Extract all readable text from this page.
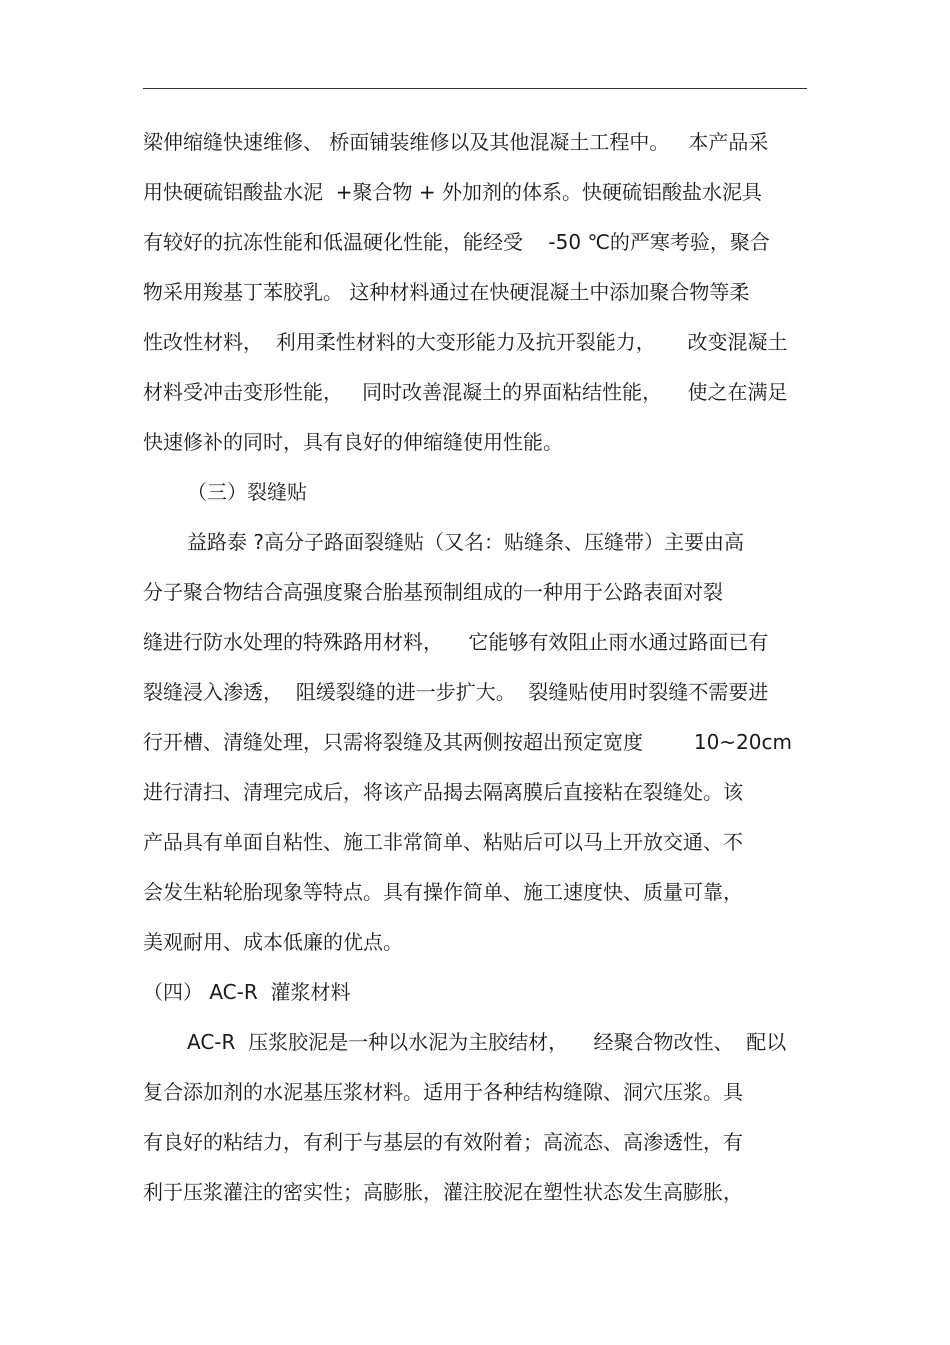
梁伸缩缝快速维修、 桥面铺装维修以及其他混凝土工程中。   本产品采
用快硬硫铝酸盐水泥  +聚合物 + 外加剂的体系。快硬硫铝酸盐水泥具
有较好的抗冻性能和低温硬化性能，能经受    -50 ℃的严寒考验，聚合
物采用羧基丁苯胶乳。 这种材料通过在快硬混凝土中添加聚合物等柔
性改性材料，  利用柔性材料的大变形能力及抗开裂能力，     改变混凝土
材料受冲击变形性能，   同时改善混凝土的界面粘结性能，    使之在满足
快速修补的同时，具有良好的伸缩缝使用性能。
（三）裂缝贴
益路泰 ?高分子路面裂缝贴（又名：贴缝条、压缝带）主要由高
分子聚合物结合高强度聚合胎基预制组成的一种用于公路表面对裂
缝进行防水处理的特殊路用材料，    它能够有效阻止雨水通过路面已有
裂缝浸入渗透，  阻缓裂缝的进一步扩大。  裂缝贴使用时裂缝不需要进
行开槽、清缝处理，只需将裂缝及其两侧按超出预定宽度        10~20cm
进行清扫、清理完成后，将该产品揭去隔离膜后直接粘在裂缝处。该
产品具有单面自粘性、施工非常简单、粘贴后可以马上开放交通、不
会发生粘轮胎现象等特点。具有操作简单、施工速度快、质量可靠，
美观耐用、成本低廉的优点。
（四） AC-R  灌浆材料
AC-R  压浆胶泥是一种以水泥为主胶结材，    经聚合物改性、  配以
复合添加剂的水泥基压浆材料。适用于各种结构缝隙、洞穴压浆。具
有良好的粘结力，有利于与基层的有效附着；高流态、高渗透性，有
利于压浆灌注的密实性；高膨胀，灌注胶泥在塑性状态发生高膨胀，
